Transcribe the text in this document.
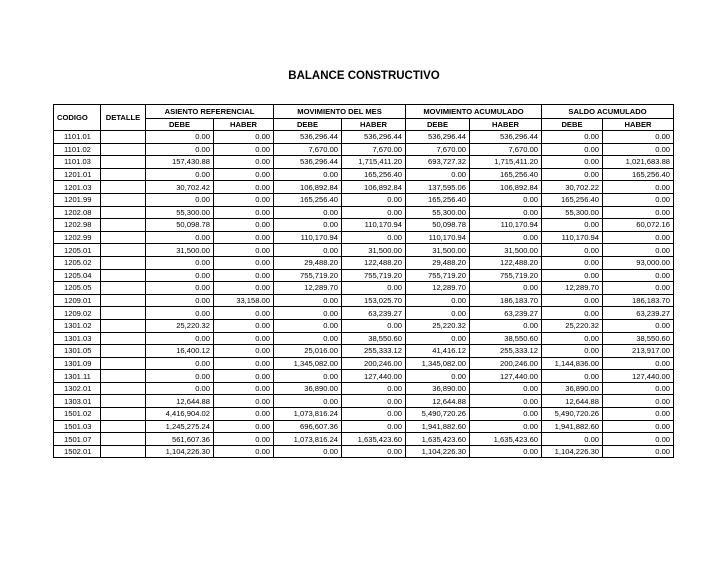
BALANCE CONSTRUCTIVO
CODIGO	DETALLE	ASIENTO REFERENCIAL		MOVIMIENTO DEL MES		MOVIMIENTO ACUMULADO		SALDO ACUMULADO	
		DEBE	HABER	DEBE	HABER	DEBE	HABER	DEBE	HABER
1101.01		0.00	0.00	536,296.44	536,296.44	536,296.44	536,296.44	0.00	0.00
1101.02		0.00	0.00	7,670.00	7,670.00	7,670.00	7,670.00	0.00	0.00
1101.03		157,430.88	0.00	536,296.44	1,715,411.20	693,727.32	1,715,411.20	0.00	1,021,683.88
1201.01		0.00	0.00	0.00	165,256.40	0.00	165,256.40	0.00	165,256.40
1201.03		30,702.42	0.00	106,892.84	106,892.84	137,595.06	106,892.84	30,702.22	0.00
1201.99		0.00	0.00	165,256.40	0.00	165,256.40	0.00	165,256.40	0.00
1202.08		55,300.00	0.00	0.00	0.00	55,300.00	0.00	55,300.00	0.00
1202.98		50,098.78	0.00	0.00	110,170.94	50,098.78	110,170.94	0.00	60,072.16
1202.99		0.00	0.00	110,170.94	0.00	110,170.94	0.00	110,170.94	0.00
1205.01		31,500.00	0.00	0.00	31,500.00	31,500.00	31,500.00	0.00	0.00
1205.02		0.00	0.00	29,488.20	122,488.20	29,488.20	122,488.20	0.00	93,000.00
1205.04		0.00	0.00	755,719.20	755,719.20	755,719.20	755,719.20	0.00	0.00
1205.05		0.00	0.00	12,289.70	0.00	12,289.70	0.00	12,289.70	0.00
1209.01		0.00	33,158.00	0.00	153,025.70	0.00	186,183.70	0.00	186,183.70
1209.02		0.00	0.00	0.00	63,239.27	0.00	63,239.27	0.00	63,239.27
1301.02		25,220.32	0.00	0.00	0.00	25,220.32	0.00	25,220.32	0.00
1301.03		0.00	0.00	0.00	38,550.60	0.00	38,550.60	0.00	38,550.60
1301.05		16,400.12	0.00	25,016.00	255,333.12	41,416.12	255,333.12	0.00	213,917.00
1301.09		0.00	0.00	1,345,082.00	200,246.00	1,345,082.00	200,246.00	1,144,836.00	0.00
1301.11		0.00	0.00	0.00	127,440.00	0.00	127,440.00	0.00	127,440.00
1302.01		0.00	0.00	36,890.00	0.00	36,890.00	0.00	36,890.00	0.00
1303.01		12,644.88	0.00	0.00	0.00	12,644.88	0.00	12,644.88	0.00
1501.02		4,416,904.02	0.00	1,073,816.24	0.00	5,490,720.26	0.00	5,490,720.26	0.00
1501.03		1,245,275.24	0.00	696,607.36	0.00	1,941,882.60	0.00	1,941,882.60	0.00
1501.07		561,607.36	0.00	1,073,816.24	1,635,423.60	1,635,423.60	1,635,423.60	0.00	0.00
1502.01		1,104,226.30	0.00	0.00	0.00	1,104,226.30	0.00	1,104,226.30	0.00
